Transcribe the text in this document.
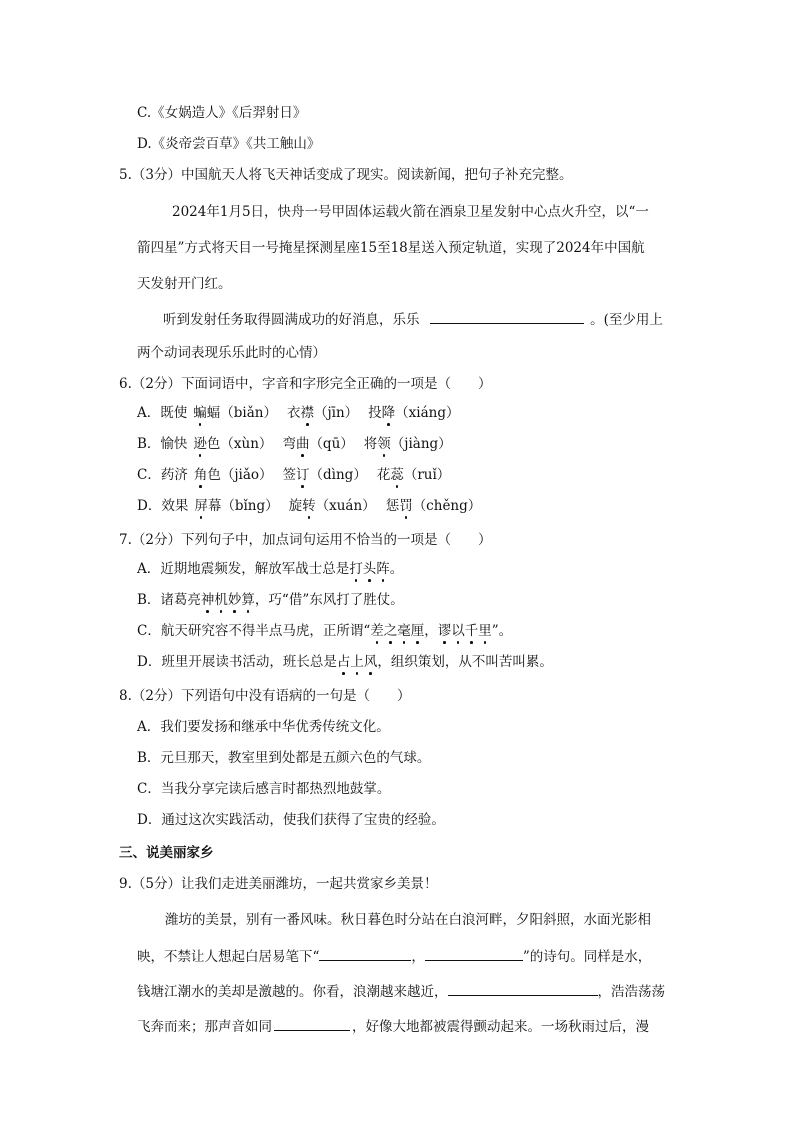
C.《女娲造人》《后羿射日》
D.《炎帝尝百草》《共工触山》
5.（3分）中国航天人将飞天神话变成了现实。阅读新闻，把句子补充完整。
2024年1月5日，快舟一号甲固体运载火箭在酒泉卫星发射中心点火升空，以“一
箭四星”方式将天目一号掩星探测星座15至18星送入预定轨道，实现了2024年中国航
天发射开门红。
听到发射任务取得圆满成功的好消息，乐乐	。(至少用上
两个动词表现乐乐此时的心情）
6.（2分）下面词语中，字音和字形完全正确的一项是（　　）
A．既使 蝙蝠（biǎn） 衣襟（jīn） 投降（xiáng）
B．愉快 逊色（xùn） 弯曲（qū） 将领（jiàng）
C．药济 角色（jiǎo） 签订（dìng） 花蕊（ruǐ）
D．效果 屏幕（bǐng） 旋转（xuán） 惩罚（chěng）
7.（2分）下列句子中，加点词句运用不恰当的一项是（　　）
A．近期地震频发，解放军战士总是打头阵。
B．诸葛亮神机妙算，巧“借”东风打了胜仗。
C．航天研究容不得半点马虎，正所谓“差之毫厘，谬以千里”。
D．班里开展读书活动，班长总是占上风，组织策划，从不叫苦叫累。
8.（2分）下列语句中没有语病的一句是（　　）
A．我们要发扬和继承中华优秀传统文化。
B．元旦那天，教室里到处都是五颜六色的气球。
C．当我分享完读后感言时都热烈地鼓掌。
D．通过这次实践活动，使我们获得了宝贵的经验。
三、说美丽家乡
9.（5分）让我们走进美丽潍坊，一起共赏家乡美景！
潍坊的美景，别有一番风味。秋日暮色时分站在白浪河畔，夕阳斜照，水面光影相
映，不禁让人想起白居易笔下“	，	”的诗句。同样是水，
钱塘江潮水的美却是激越的。你看，浪潮越来越近，	，浩浩荡荡
飞奔而来；那声音如同	，好像大地都被震得颤动起来。一场秋雨过后，漫
